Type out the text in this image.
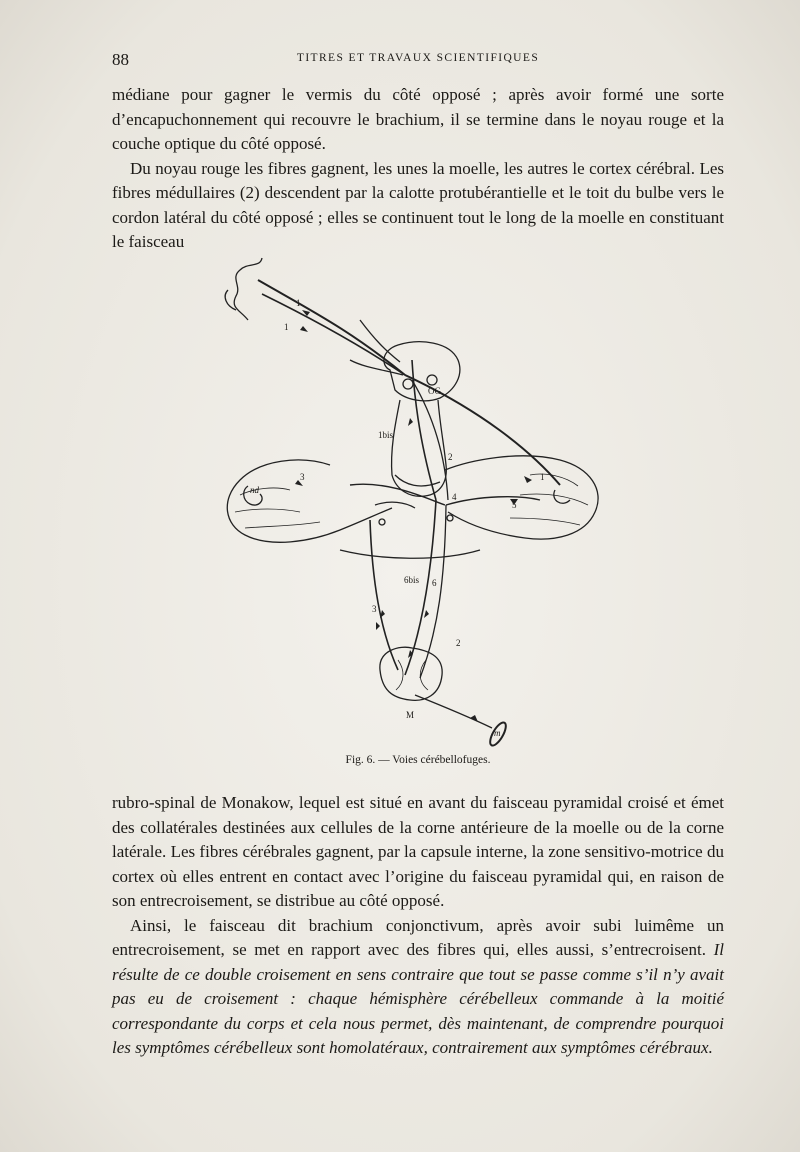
88	TITRES ET TRAVAUX SCIENTIFIQUES

médiane pour gagner le vermis du côté opposé ; après avoir formé une sorte d’encapuchonnement qui recouvre le brachium, il se termine dans le noyau rouge et la couche optique du côté opposé.

Du noyau rouge les fibres gagnent, les unes la moelle, les autres le cortex cérébral. Les fibres médullaires (2) descendent par la calotte protubérantielle et le toit du bulbe vers le cordon latéral du côté opposé ; elles se continuent tout le long de la moelle en constituant le faisceau

1
1
OG
1bis
2
3	1
4
5
nd
6bis 6
3
2
M
m
Fig. 6. — Voies cérébellofuges.

rubro-spinal de Monakow, lequel est situé en avant du faisceau pyramidal croisé et émet des collatérales destinées aux cellules de la corne antérieure de la moelle ou de la corne latérale. Les fibres cérébrales gagnent, par la capsule interne, la zone sensitivo-motrice du cortex où elles entrent en contact avec l’origine du faisceau pyramidal qui, en raison de son entrecroisement, se distribue au côté opposé.

Ainsi, le faisceau dit brachium conjonctivum, après avoir subi luimême un entrecroisement, se met en rapport avec des fibres qui, elles aussi, s’entrecroisent. Il résulte de ce double croisement en sens contraire que tout se passe comme s’il n’y avait pas eu de croisement : chaque hémisphère cérébelleux commande à la moitié correspondante du corps et cela nous permet, dès maintenant, de comprendre pourquoi les symptômes cérébelleux sont homolatéraux, contrairement aux symptômes cérébraux.
